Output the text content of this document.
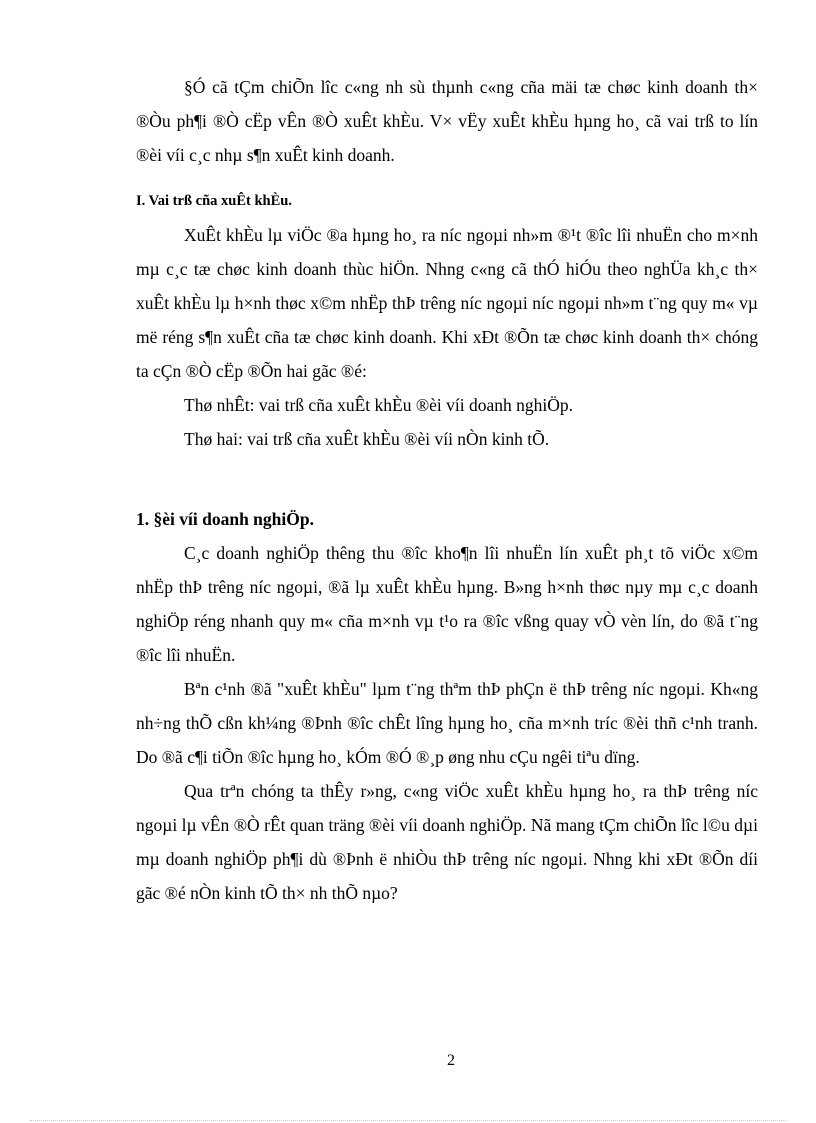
§Ó cã tÇm chiÕn lîc c«ng nh sù thµnh c«ng cña mäi tæ chøc kinh doanh th× ®Òu ph¶i ®Ò cËp vÊn ®Ò xuÊt khÈu. V× vËy xuÊt khÈu hµng ho¸ cã vai trß to lín ®èi víi c¸c nhµ s¶n xuÊt kinh doanh.

I. Vai trß cña xuÊt khÈu.

XuÊt khÈu lµ viÖc ®a hµng ho¸ ra níc ngoµi nh»m ®¹t ®îc lîi nhuËn cho m×nh mµ c¸c tæ chøc kinh doanh thùc hiÖn. Nhng c«ng cã thÓ hiÓu theo nghÜa kh¸c th× xuÊt khÈu lµ h×nh thøc x©m nhËp thÞ trêng níc ngoµi níc ngoµi nh»m t¨ng quy m« vµ më réng s¶n xuÊt cña tæ chøc kinh doanh. Khi xÐt ®Õn tæ chøc kinh doanh th× chóng ta cÇn ®Ò cËp ®Õn hai gãc ®é:

Thø nhÊt: vai trß cña xuÊt khÈu ®èi víi doanh nghiÖp.

Thø hai: vai trß cña xuÊt khÈu ®èi víi nÒn kinh tÕ.

1. §èi víi doanh nghiÖp.

C¸c doanh nghiÖp thêng thu ®îc kho¶n lîi nhuËn lín xuÊt ph¸t tõ viÖc x©m nhËp thÞ trêng níc ngoµi, ®ã lµ xuÊt khÈu hµng. B»ng h×nh thøc nµy mµ c¸c doanh nghiÖp réng nhanh quy m« cña m×nh vµ t¹o ra ®îc vßng quay vÒ vèn lín, do ®ã t¨ng ®îc lîi nhuËn.

Bªn c¹nh ®ã "xuÊt khÈu" lµm t¨ng thªm thÞ phÇn ë thÞ trêng níc ngoµi. Kh«ng nh÷ng thÕ cßn kh¼ng ®Þnh ®îc chÊt lîng hµng ho¸ cña m×nh tríc ®èi thñ c¹nh tranh. Do ®ã c¶i tiÕn ®îc hµng ho¸ kÓm ®Ó ®¸p øng nhu cÇu ngêi tiªu dïng.

Qua trªn chóng ta thÊy r»ng, c«ng viÖc xuÊt khÈu hµng ho¸ ra thÞ trêng níc ngoµi lµ vÊn ®Ò rÊt quan träng ®èi víi doanh nghiÖp. Nã mang tÇm chiÕn lîc l©u dµi mµ doanh nghiÖp ph¶i dù ®Þnh ë nhiÒu thÞ trêng níc ngoµi. Nhng khi xÐt ®Õn díi gãc ®é nÒn kinh tÕ th× nh thÕ nµo?

2
